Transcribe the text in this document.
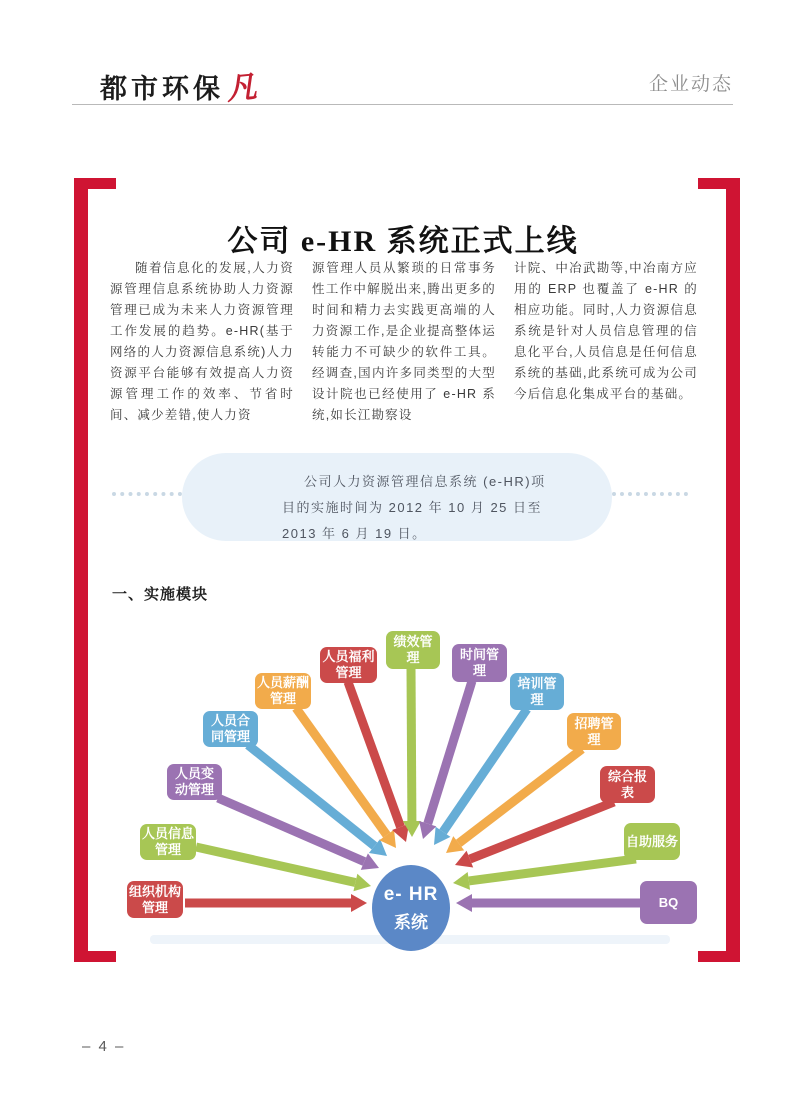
都市环保凡	企业动态
公司 e-HR 系统正式上线
随着信息化的发展,人力资源管理信息系统协助人力资源管理已成为未来人力资源管理工作发展的趋势。e-HR(基于网络的人力资源信息系统)人力资源平台能够有效提高人力资源管理工作的效率、节省时间、减少差错,使人力资
源管理人员从繁琐的日常事务性工作中解脱出来,腾出更多的时间和精力去实践更高端的人力资源工作,是企业提高整体运转能力不可缺少的软件工具。经调查,国内许多同类型的大型设计院也已经使用了 e-HR 系统,如长江勘察设
计院、中冶武勘等,中冶南方应用的 ERP 也覆盖了 e-HR 的相应功能。同时,人力资源信息系统是针对人员信息管理的信息化平台,人员信息是任何信息系统的基础,此系统可成为公司今后信息化集成平台的基础。
公司人力资源管理信息系统 (e-HR)项
目的实施时间为 2012 年 10 月 25 日至
2013 年 6 月 19 日。
一、实施模块
组织机构管理
人员信息管理
人员变动管理
人员合同管理
人员薪酬管理
人员福利管理
绩效管理	时间管理
培训管理
招聘管理
综合报表
自助服务
BQ
e- HR
系统
– 4 –
